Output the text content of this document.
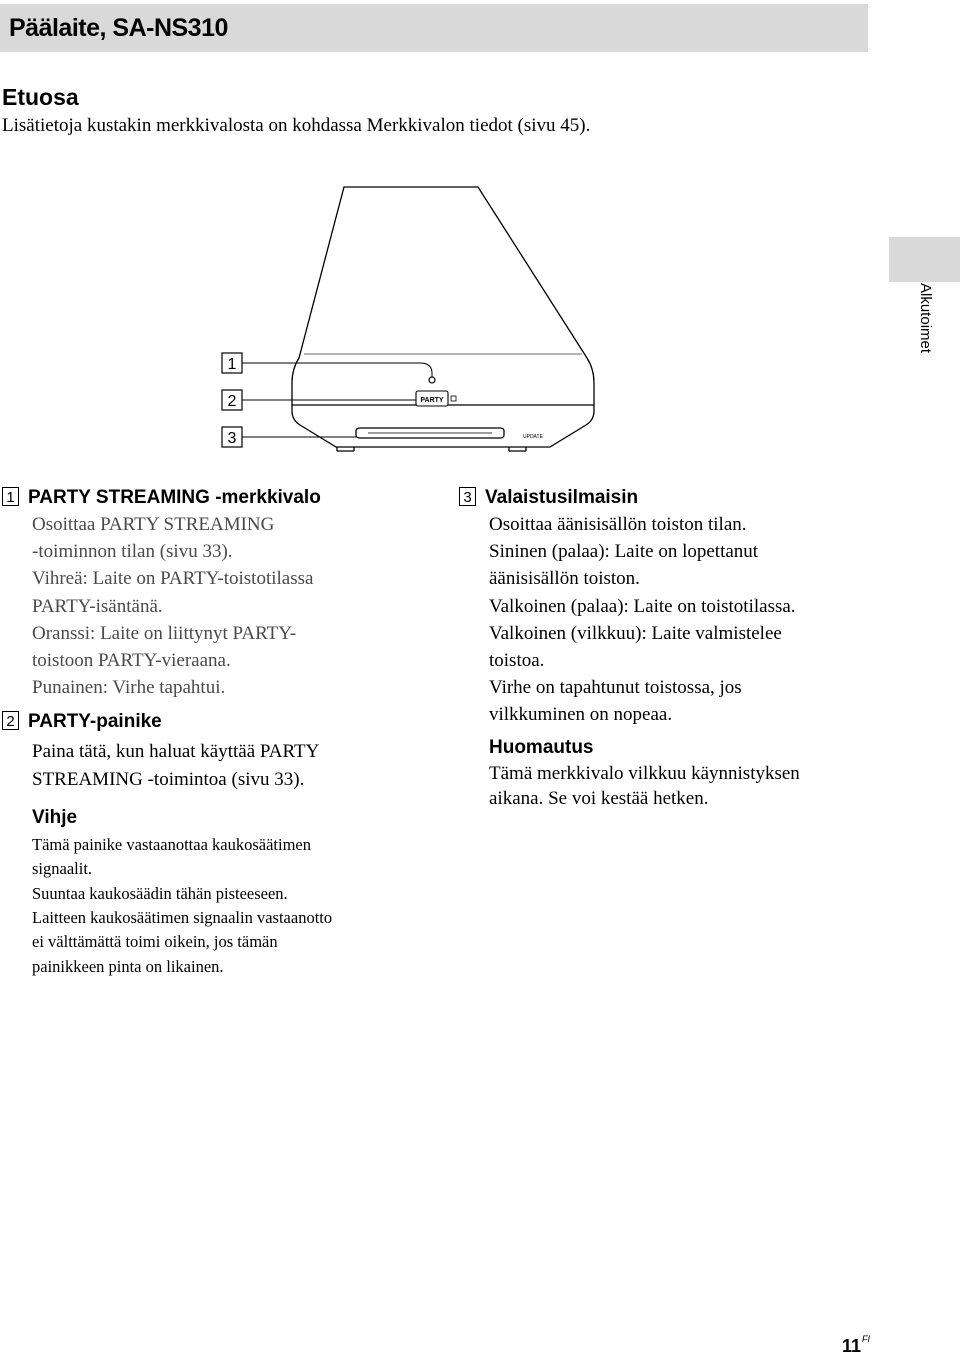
Päälaite, SA-NS310
Alkutoimet
Etuosa
Lisätietoja kustakin merkkivalosta on kohdassa Merkkivalon tiedot (sivu 45).
PARTY
UPDATE
1
2
3
1 PARTY STREAMING -merkkivalo
Osoittaa PARTY STREAMING
-toiminnon tilan (sivu 33).
Vihreä: Laite on PARTY-toistotilassa
PARTY-isäntänä.
Oranssi: Laite on liittynyt PARTY-
toistoon PARTY-vieraana.
Punainen: Virhe tapahtui.
2 PARTY-painike
Paina tätä, kun haluat käyttää PARTY
STREAMING -toimintoa (sivu 33).
Vihje
Tämä painike vastaanottaa kaukosäätimen
signaalit.
Suuntaa kaukosäädin tähän pisteeseen.
Laitteen kaukosäätimen signaalin vastaanotto
ei välttämättä toimi oikein, jos tämän
painikkeen pinta on likainen.
3 Valaistusilmaisin
Osoittaa äänisisällön toiston tilan.
Sininen (palaa): Laite on lopettanut
äänisisällön toiston.
Valkoinen (palaa): Laite on toistotilassa.
Valkoinen (vilkkuu): Laite valmistelee
toistoa.
Virhe on tapahtunut toistossa, jos
vilkkuminen on nopeaa.
Huomautus
Tämä merkkivalo vilkkuu käynnistyksen
aikana. Se voi kestää hetken.
11 FI
